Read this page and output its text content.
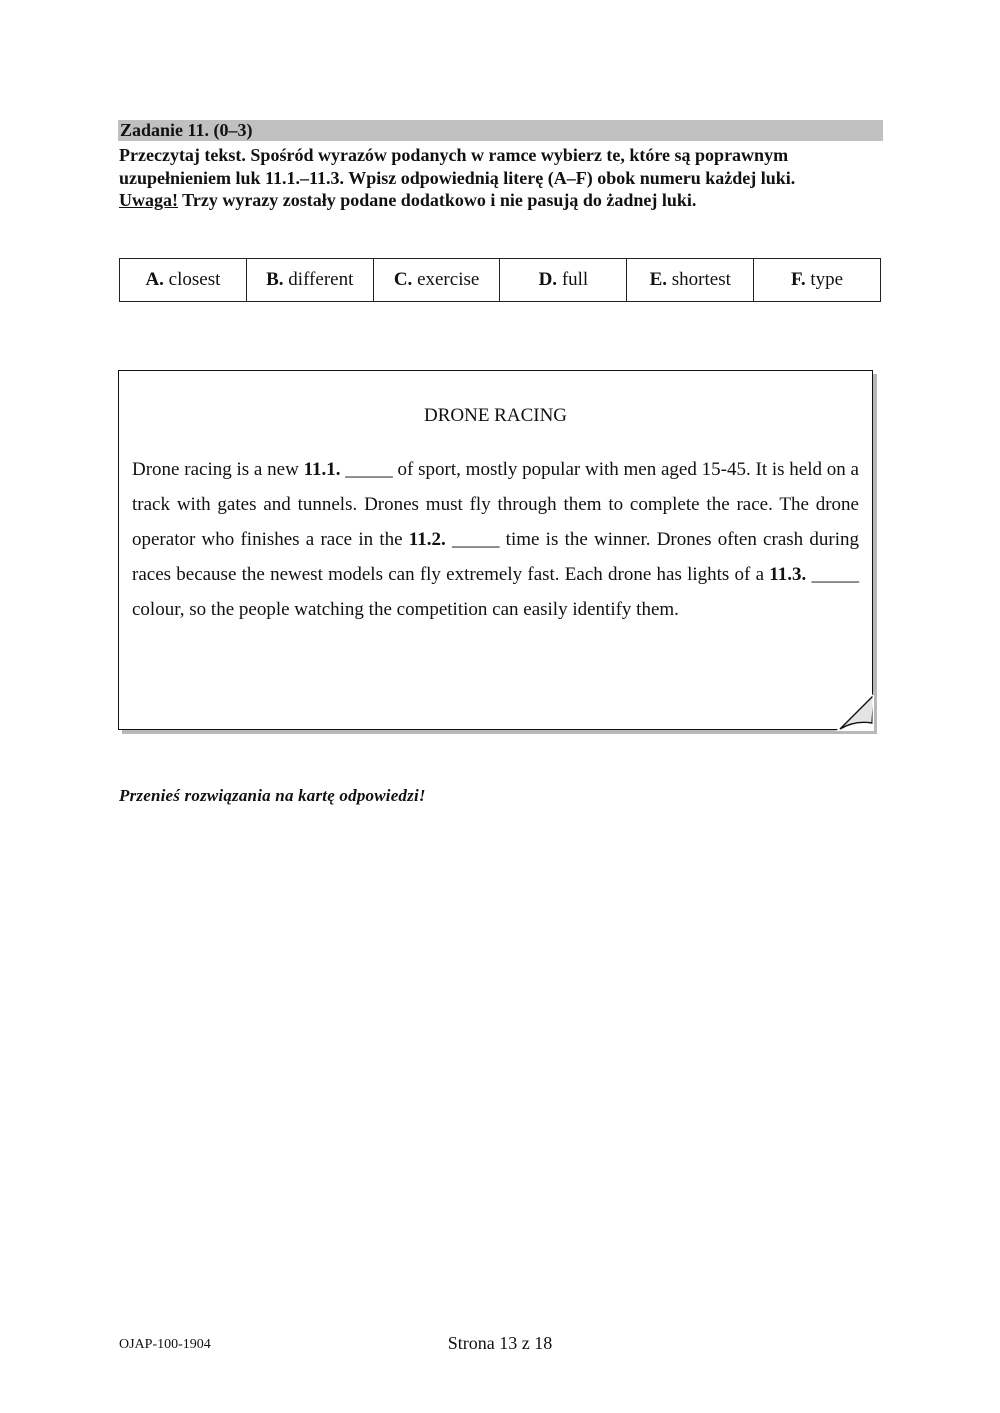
Zadanie 11. (0–3)
Przeczytaj tekst. Spośród wyrazów podanych w ramce wybierz te, które są poprawnym
uzupełnieniem luk 11.1.–11.3. Wpisz odpowiednią literę (A–F) obok numeru każdej luki.
Uwaga! Trzy wyrazy zostały podane dodatkowo i nie pasują do żadnej luki.
A. closest	B. different	C. exercise	D. full	E. shortest	F. type
DRONE RACING
Drone racing is a new 11.1. _____ of sport, mostly popular with men aged 15-45. It is held on a track with gates and tunnels. Drones must fly through them to complete the race. The drone operator who finishes a race in the 11.2. _____ time is the winner. Drones often crash during races because the newest models can fly extremely fast. Each drone has lights of a 11.3. _____ colour, so the people watching the competition can easily identify them.
Przenieś rozwiązania na kartę odpowiedzi!
OJAP-100-1904	Strona 13 z 18
